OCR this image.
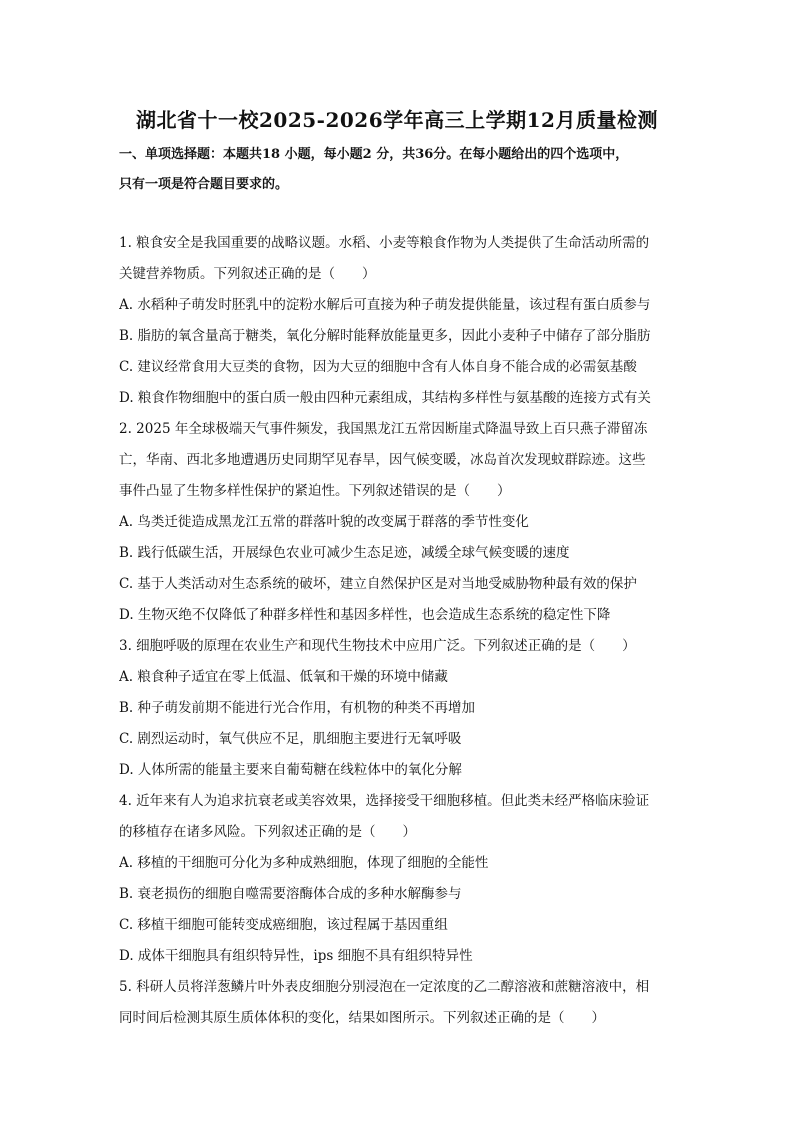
湖北省十一校2025-2026学年高三上学期12月质量检测
一、单项选择题：本题共18 小题，每小题2 分，共36分。在每小题给出的四个选项中，
只有一项是符合题目要求的。
1. 粮食安全是我国重要的战略议题。水稻、小麦等粮食作物为人类提供了生命活动所需的
关键营养物质。下列叙述正确的是（　　）
A. 水稻种子萌发时胚乳中的淀粉水解后可直接为种子萌发提供能量，该过程有蛋白质参与
B. 脂肪的氧含量高于糖类，氧化分解时能释放能量更多，因此小麦种子中储存了部分脂肪
C. 建议经常食用大豆类的食物，因为大豆的细胞中含有人体自身不能合成的必需氨基酸
D. 粮食作物细胞中的蛋白质一般由四种元素组成，其结构多样性与氨基酸的连接方式有关
2. 2025 年全球极端天气事件频发，我国黑龙江五常因断崖式降温导致上百只燕子滞留冻
亡，华南、西北多地遭遇历史同期罕见春旱，因气候变暖，冰岛首次发现蚊群踪迹。这些
事件凸显了生物多样性保护的紧迫性。下列叙述错误的是（　　）
A. 鸟类迁徙造成黑龙江五常的群落叶貌的改变属于群落的季节性变化
B. 践行低碳生活，开展绿色农业可减少生态足迹，减缓全球气候变暖的速度
C. 基于人类活动对生态系统的破坏，建立自然保护区是对当地受威胁物种最有效的保护
D. 生物灭绝不仅降低了种群多样性和基因多样性，也会造成生态系统的稳定性下降
3. 细胞呼吸的原理在农业生产和现代生物技术中应用广泛。下列叙述正确的是（　　）
A. 粮食种子适宜在零上低温、低氧和干燥的环境中储藏
B. 种子萌发前期不能进行光合作用，有机物的种类不再增加
C. 剧烈运动时，氧气供应不足，肌细胞主要进行无氧呼吸
D. 人体所需的能量主要来自葡萄糖在线粒体中的氧化分解
4. 近年来有人为追求抗衰老或美容效果，选择接受干细胞移植。但此类未经严格临床验证
的移植存在诸多风险。下列叙述正确的是（　　）
A. 移植的干细胞可分化为多种成熟细胞，体现了细胞的全能性
B. 衰老损伤的细胞自噬需要溶酶体合成的多种水解酶参与
C. 移植干细胞可能转变成癌细胞，该过程属于基因重组
D. 成体干细胞具有组织特异性，ips 细胞不具有组织特异性
5. 科研人员将洋葱鳞片叶外表皮细胞分别浸泡在一定浓度的乙二醇溶液和蔗糖溶液中，相
同时间后检测其原生质体体积的变化，结果如图所示。下列叙述正确的是（　　）
